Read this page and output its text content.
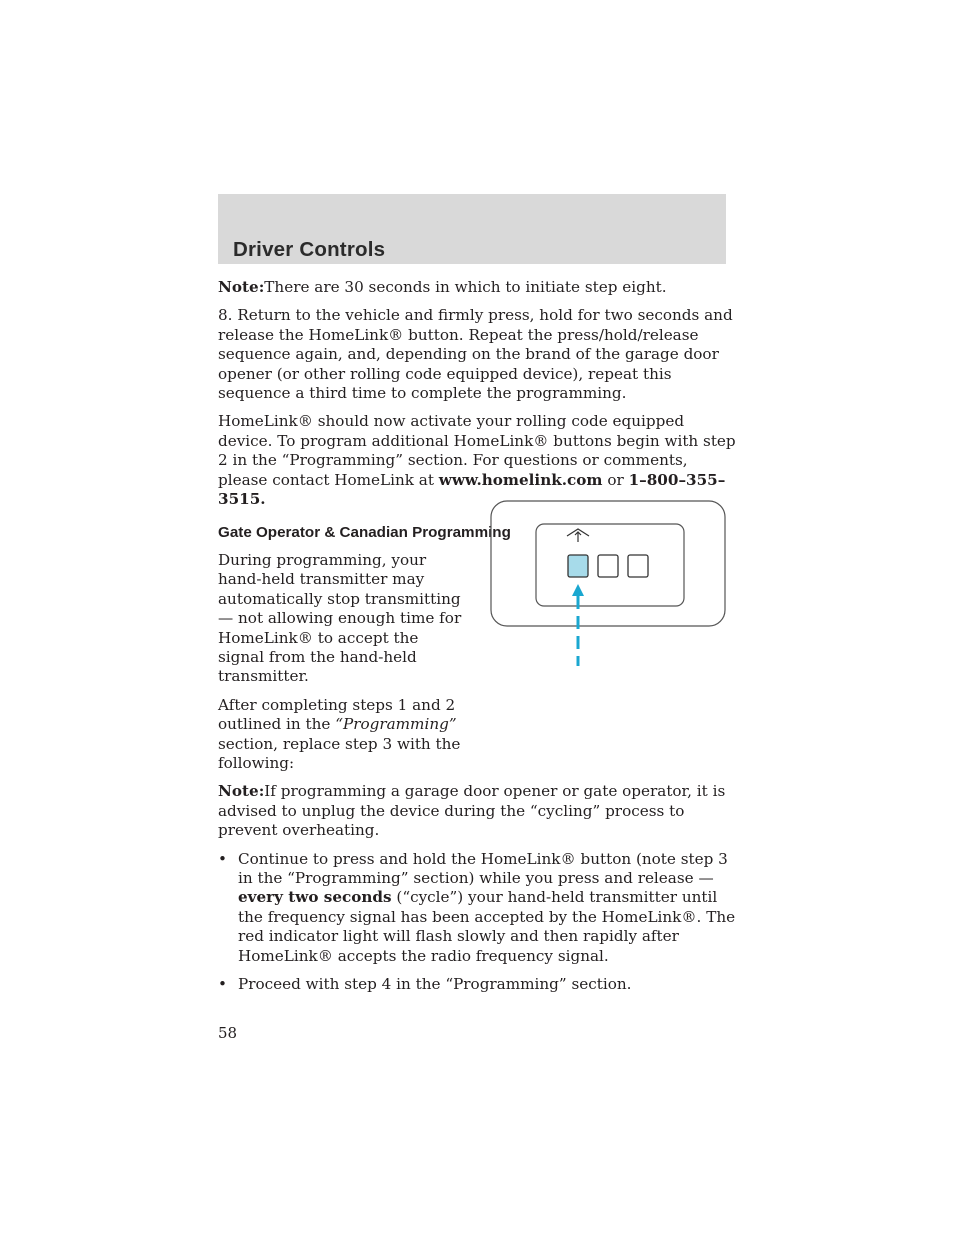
Driver Controls

Note:There are 30 seconds in which to initiate step eight.

8. Return to the vehicle and firmly press, hold for two seconds and release the HomeLink® button. Repeat the press/hold/release sequence again, and, depending on the brand of the garage door opener (or other rolling code equipped device), repeat this sequence a third time to complete the programming.

HomeLink® should now activate your rolling code equipped device. To program additional HomeLink® buttons begin with step 2 in the “Programming” section. For questions or comments, please contact HomeLink at www.homelink.com or 1–800–355–3515.

Gate Operator & Canadian Programming

During programming, your hand-held transmitter may automatically stop transmitting — not allowing enough time for HomeLink® to accept the signal from the hand-held transmitter.

After completing steps 1 and 2 outlined in the “Programming” section, replace step 3 with the following:

Note:If programming a garage door opener or gate operator, it is advised to unplug the device during the “cycling” process to prevent overheating.

• Continue to press and hold the HomeLink® button (note step 3 in the “Programming” section) while you press and release — every two seconds (“cycle”) your hand-held transmitter until the frequency signal has been accepted by the HomeLink®. The red indicator light will flash slowly and then rapidly after HomeLink® accepts the radio frequency signal.
• Proceed with step 4 in the “Programming” section.
58
